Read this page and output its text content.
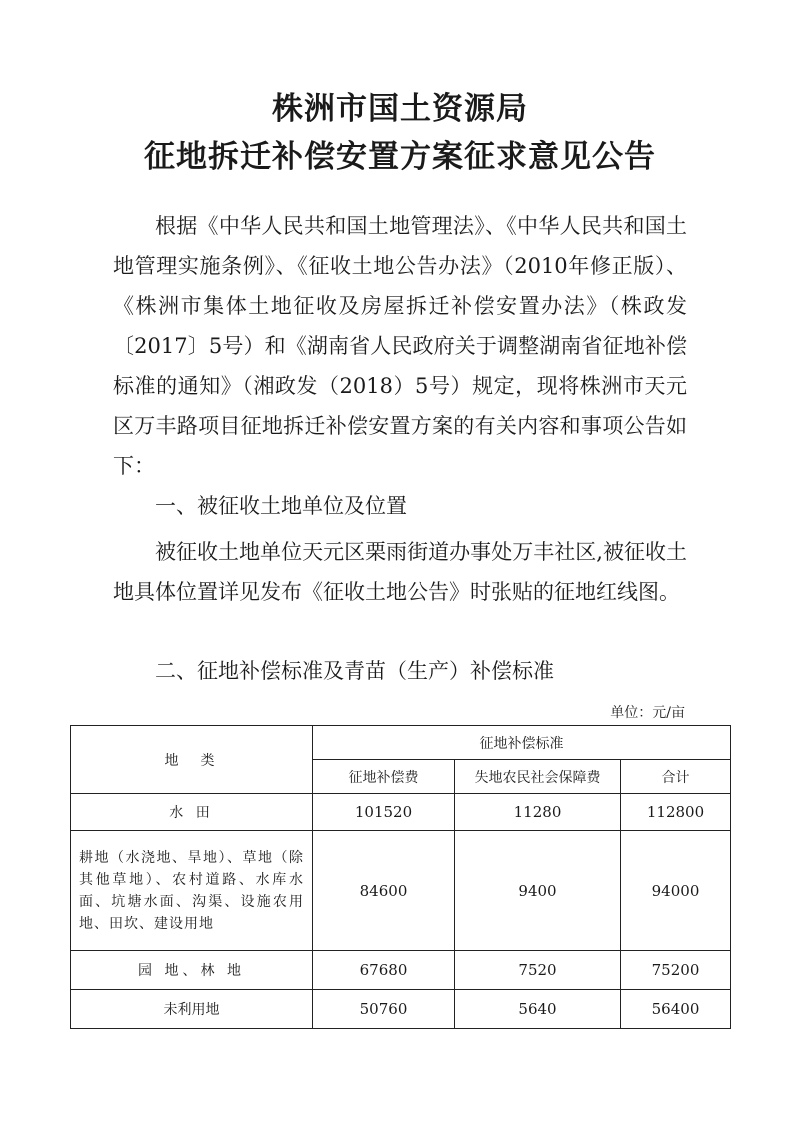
株洲市国土资源局
征地拆迁补偿安置方案征求意见公告

根据《中华人民共和国土地管理法》、《中华人民共和国土地管理实施条例》、《征收土地公告办法》（2010年修正版）、《株洲市集体土地征收及房屋拆迁补偿安置办法》（株政发〔2017〕5号）和《湖南省人民政府关于调整湖南省征地补偿标准的通知》（湘政发（2018）5号）规定，现将株洲市天元区万丰路项目征地拆迁补偿安置方案的有关内容和事项公告如下：

一、被征收土地单位及位置

被征收土地单位天元区栗雨街道办事处万丰社区,被征收土地具体位置详见发布《征收土地公告》时张贴的征地红线图。

二、征地补偿标准及青苗（生产）补偿标准

单位：元/亩
地　类	征地补偿标准		
	征地补偿费	失地农民社会保障费	合计
水 田	101520	11280	112800
耕地（水浇地、旱地）、草地（除其他草地）、农村道路、水库水面、坑塘水面、沟渠、设施农用地、田坎、建设用地	84600	9400	94000
园 地、林 地	67680	7520	75200
未利用地	50760	5640	56400
